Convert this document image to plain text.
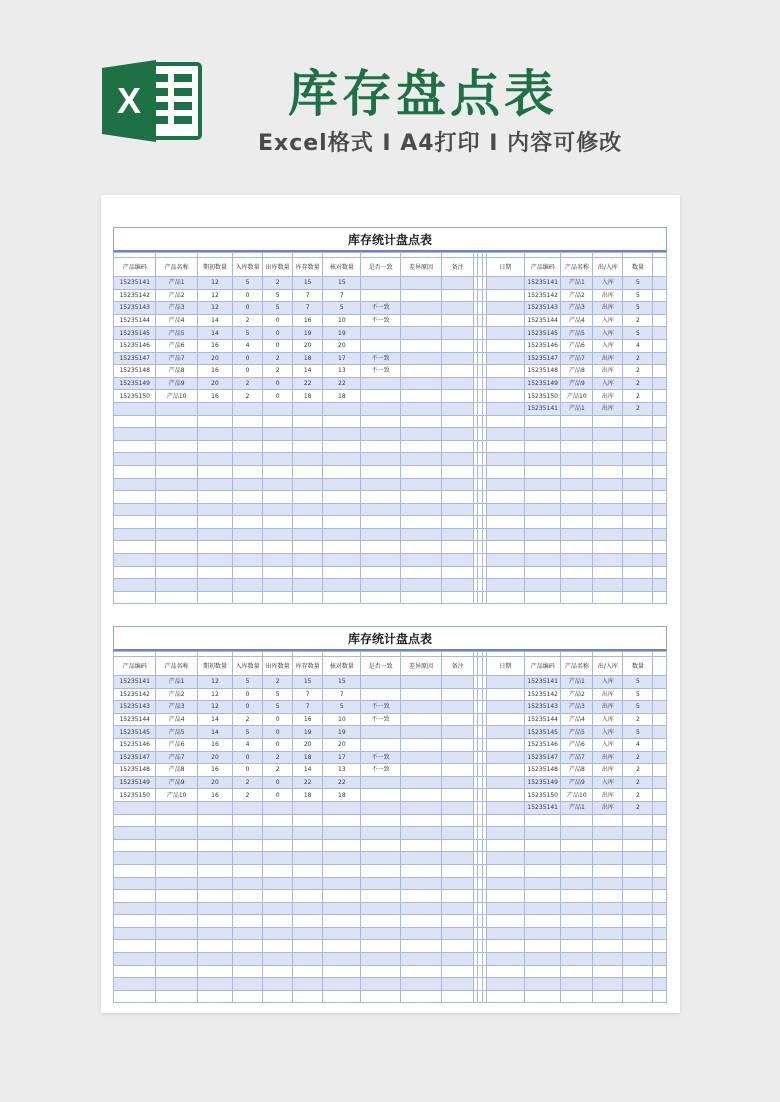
X	库存盘点表
Excel格式 I A4打印 I 内容可修改
库存统计盘点表

产品编码	产品名称	期初数量	入库数量	出库数量	库存数量	核对数量	是否一致	差异原因	备注				日期	产品编码	产品名称	出/入库	数量	
15235141	产品1	12	5	2	15	15								15235141	产品1	入库	5	
15235142	产品2	12	0	5	7	7								15235142	产品2	出库	5	
15235143	产品3	12	0	5	7	5	不一致							15235143	产品3	出库	5	
15235144	产品4	14	2	0	16	10	不一致							15235144	产品4	入库	2	
15235145	产品5	14	5	0	19	19								15235145	产品5	入库	5	
15235146	产品6	16	4	0	20	20								15235146	产品6	入库	4	
15235147	产品7	20	0	2	18	17	不一致							15235147	产品7	出库	2	
15235148	产品8	16	0	2	14	13	不一致							15235148	产品8	出库	2	
15235149	产品9	20	2	0	22	22								15235149	产品9	入库	2	
15235150	产品10	16	2	0	18	18								15235150	产品10	出库	2	
														15235141	产品1	出库	2	

库存统计盘点表

产品编码	产品名称	期初数量	入库数量	出库数量	库存数量	核对数量	是否一致	差异原因	备注				日期	产品编码	产品名称	出/入库	数量	
15235141	产品1	12	5	2	15	15								15235141	产品1	入库	5	
15235142	产品2	12	0	5	7	7								15235142	产品2	出库	5	
15235143	产品3	12	0	5	7	5	不一致							15235143	产品3	出库	5	
15235144	产品4	14	2	0	16	10	不一致							15235144	产品4	入库	2	
15235145	产品5	14	5	0	19	19								15235145	产品5	入库	5	
15235146	产品6	16	4	0	20	20								15235146	产品6	入库	4	
15235147	产品7	20	0	2	18	17	不一致							15235147	产品7	出库	2	
15235148	产品8	16	0	2	14	13	不一致							15235148	产品8	出库	2	
15235149	产品9	20	2	0	22	22								15235149	产品9	入库	2	
15235150	产品10	16	2	0	18	18								15235150	产品10	出库	2	
														15235141	产品1	出库	2	
